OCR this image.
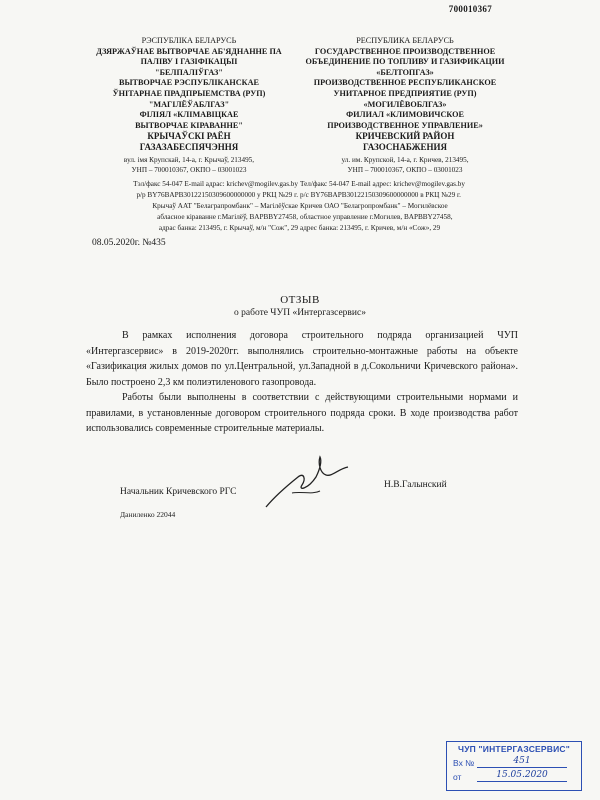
700010367
РЭСПУБЛІКА БЕЛАРУСЬ
ДЗЯРЖАЎНАЕ ВЫТВОРЧАЕ АБ'ЯДНАННЕ ПА
ПАЛІВУ І ГАЗІФІКАЦЫІ
"БЕЛПАЛІЎГАЗ"
ВЫТВОРЧАЕ РЭСПУБЛІКАНСКАЕ
ЎНІТАРНАЕ ПРАДПРЫЕМСТВА (РУП)
"МАГІЛЁЎАБЛГАЗ"
ФІЛІЯЛ «КЛІМАВІЦКАЕ
ВЫТВОРЧАЕ КІРАВАННЕ"
КРЫЧАЎСКІ РАЁН
ГАЗАЗАБЕСПЯЧЭННЯ
вул. імя Крупскай, 14-а, г. Крычаў, 213495,
УНП – 700010367, ОКПО – 03001023
Тэл/факс 54-047 E-mail адрас: krichev@mogilev.gas.by
р/р BY76BAPB30122150309600000000 у РКЦ №29 г.
Крычаў ААТ "Белаграпромбанк" – Магілёўскае
абласное кіраванне г.Магілёў, BAPBBY27458,
адрас банка: 213495, г. Крычаў, м/н "Сож", 29
РЕСПУБЛИКА БЕЛАРУСЬ
ГОСУДАРСТВЕННОЕ ПРОИЗВОДСТВЕННОЕ
ОБЪЕДИНЕНИЕ ПО ТОПЛИВУ И ГАЗИФИКАЦИИ
«БЕЛТОПГАЗ»
ПРОИЗВОДСТВЕННОЕ РЕСПУБЛИКАНСКОЕ
УНИТАРНОЕ ПРЕДПРИЯТИЕ (РУП)
«МОГИЛЁВОБЛГАЗ»
ФИЛИАЛ «КЛИМОВИЧСКОЕ
ПРОИЗВОДСТВЕННОЕ УПРАВЛЕНИЕ»
КРИЧЕВСКИЙ РАЙОН
ГАЗОСНАБЖЕНИЯ
ул. им. Крупской, 14-а, г. Кричев, 213495,
УНП – 700010367, ОКПО – 03001023
Тел/факс 54-047 E-mail адрес: krichev@mogilev.gas.by
р/с BY76BAPB30122150309600000000 в РКЦ №29 г.
Кричев ОАО "Белагропромбанк" – Могилёвское
областное управление г.Могилев, BAPBBY27458,
адрес банка: 213495, г. Кричев, м/н «Сож», 29
08.05.2020г. №435
ОТЗЫВ
о работе ЧУП «Интергазсервис»

В рамках исполнения договора строительного подряда организацией ЧУП «Интергазсервис» в 2019-2020гг. выполнялись строительно-монтажные работы на объекте «Газификация жилых домов по ул.Центральной, ул.Западной в д.Сокольничи Кричевского района». Было построено 2,3 км полиэтиленового газопровода.

Работы были выполнены в соответствии с действующими строительными нормами и правилами, в установленные договором строительного подряда сроки. В ходе производства работ использовались современные строительные материалы.

Начальник Кричевского РГС
Н.В.Галынский
Даниленко 22044
ЧУП "ИНТЕРГАЗСЕРВИС"
Вх №	451
от	15.05.2020
